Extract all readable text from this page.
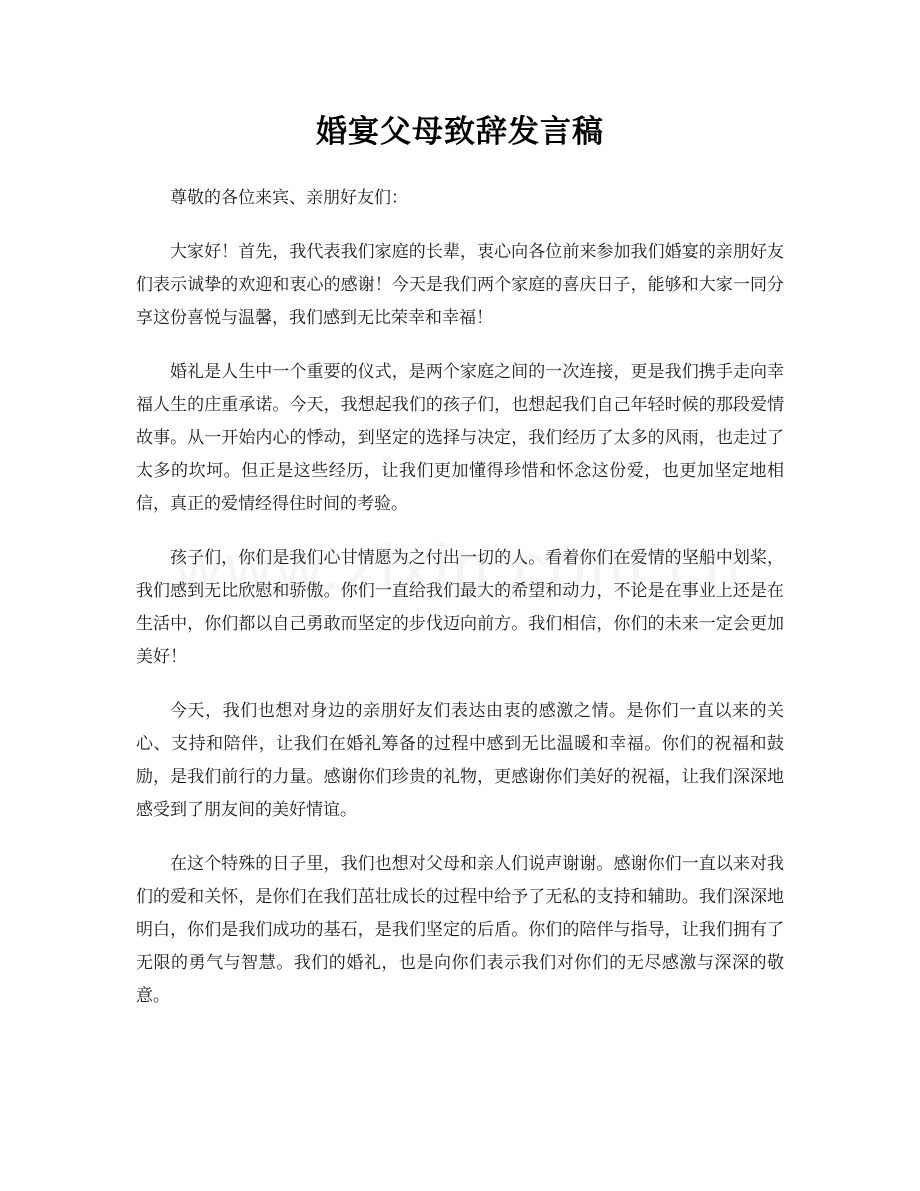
婚宴父母致辞发言稿

尊敬的各位来宾、亲朋好友们：

大家好！首先，我代表我们家庭的长辈，衷心向各位前来参加我们婚宴的亲朋好友们表示诚挚的欢迎和衷心的感谢！今天是我们两个家庭的喜庆日子，能够和大家一同分享这份喜悦与温馨，我们感到无比荣幸和幸福！

婚礼是人生中一个重要的仪式，是两个家庭之间的一次连接，更是我们携手走向幸福人生的庄重承诺。今天，我想起我们的孩子们，也想起我们自己年轻时候的那段爱情故事。从一开始内心的悸动，到坚定的选择与决定，我们经历了太多的风雨，也走过了太多的坎坷。但正是这些经历，让我们更加懂得珍惜和怀念这份爱，也更加坚定地相信，真正的爱情经得住时间的考验。

孩子们，你们是我们心甘情愿为之付出一切的人。看着你们在爱情的坚船中划桨，我们感到无比欣慰和骄傲。你们一直给我们最大的希望和动力，不论是在事业上还是在生活中，你们都以自己勇敢而坚定的步伐迈向前方。我们相信，你们的未来一定会更加美好！

今天，我们也想对身边的亲朋好友们表达由衷的感激之情。是你们一直以来的关心、支持和陪伴，让我们在婚礼筹备的过程中感到无比温暖和幸福。你们的祝福和鼓励，是我们前行的力量。感谢你们珍贵的礼物，更感谢你们美好的祝福，让我们深深地感受到了朋友间的美好情谊。

在这个特殊的日子里，我们也想对父母和亲人们说声谢谢。感谢你们一直以来对我们的爱和关怀，是你们在我们茁壮成长的过程中给予了无私的支持和辅助。我们深深地明白，你们是我们成功的基石，是我们坚定的后盾。你们的陪伴与指导，让我们拥有了无限的勇气与智慧。我们的婚礼，也是向你们表示我们对你们的无尽感激与深深的敬意。
